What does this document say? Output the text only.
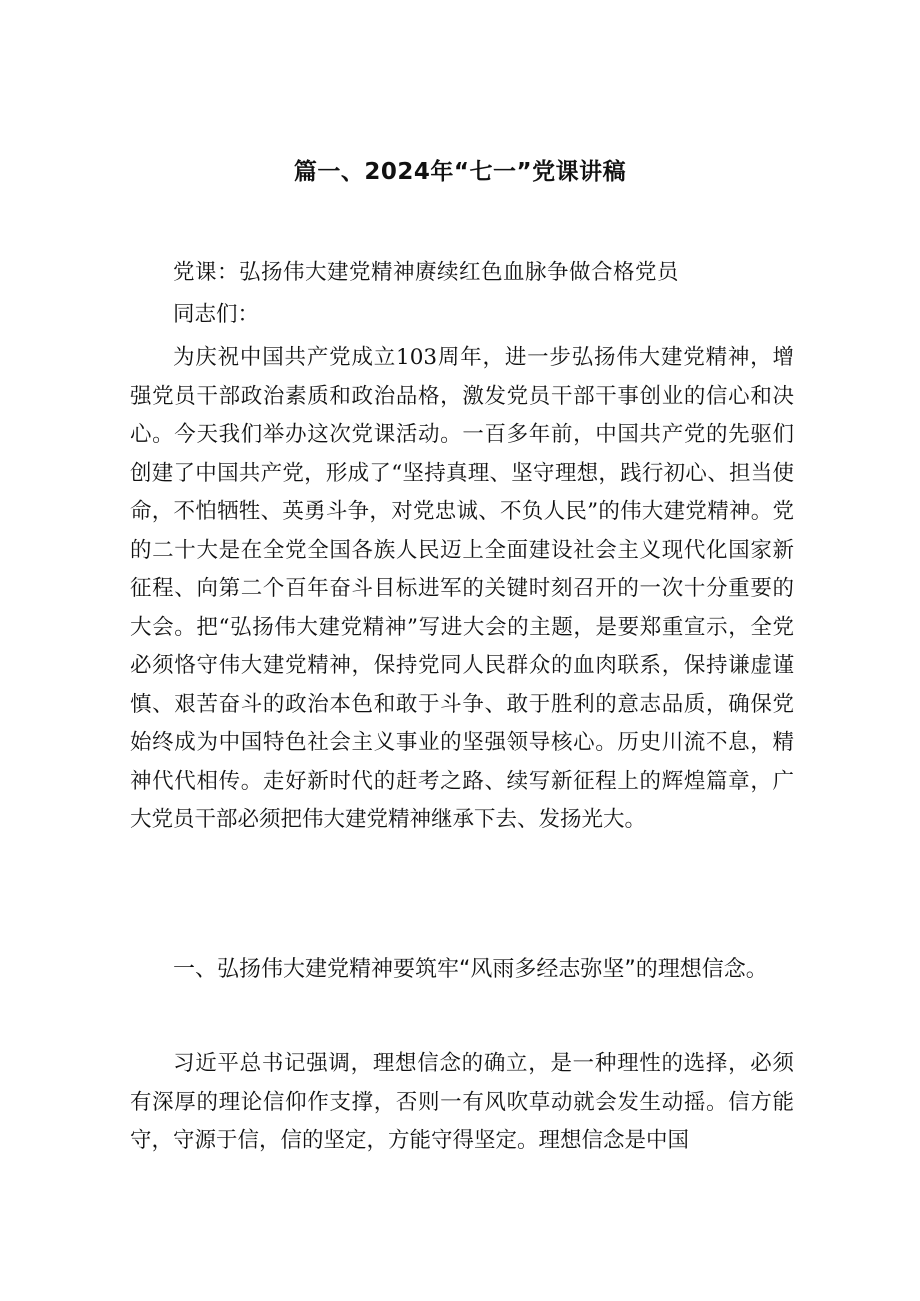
篇一、2024年“七一”党课讲稿
党课：弘扬伟大建党精神赓续红色血脉争做合格党员
同志们：
为庆祝中国共产党成立103周年，进一步弘扬伟大建党精神，增强党员干部政治素质和政治品格，激发党员干部干事创业的信心和决心。今天我们举办这次党课活动。一百多年前，中国共产党的先驱们创建了中国共产党，形成了“坚持真理、坚守理想，践行初心、担当使命，不怕牺牲、英勇斗争，对党忠诚、不负人民”的伟大建党精神。党的二十大是在全党全国各族人民迈上全面建设社会主义现代化国家新征程、向第二个百年奋斗目标进军的关键时刻召开的一次十分重要的大会。把“弘扬伟大建党精神”写进大会的主题，是要郑重宣示，全党必须恪守伟大建党精神，保持党同人民群众的血肉联系，保持谦虚谨慎、艰苦奋斗的政治本色和敢于斗争、敢于胜利的意志品质，确保党始终成为中国特色社会主义事业的坚强领导核心。历史川流不息，精神代代相传。走好新时代的赶考之路、续写新征程上的辉煌篇章，广大党员干部必须把伟大建党精神继承下去、发扬光大。
一、弘扬伟大建党精神要筑牢“风雨多经志弥坚”的理想信念。
习近平总书记强调，理想信念的确立，是一种理性的选择，必须有深厚的理论信仰作支撑，否则一有风吹草动就会发生动摇。信方能守，守源于信，信的坚定，方能守得坚定。理想信念是中国
